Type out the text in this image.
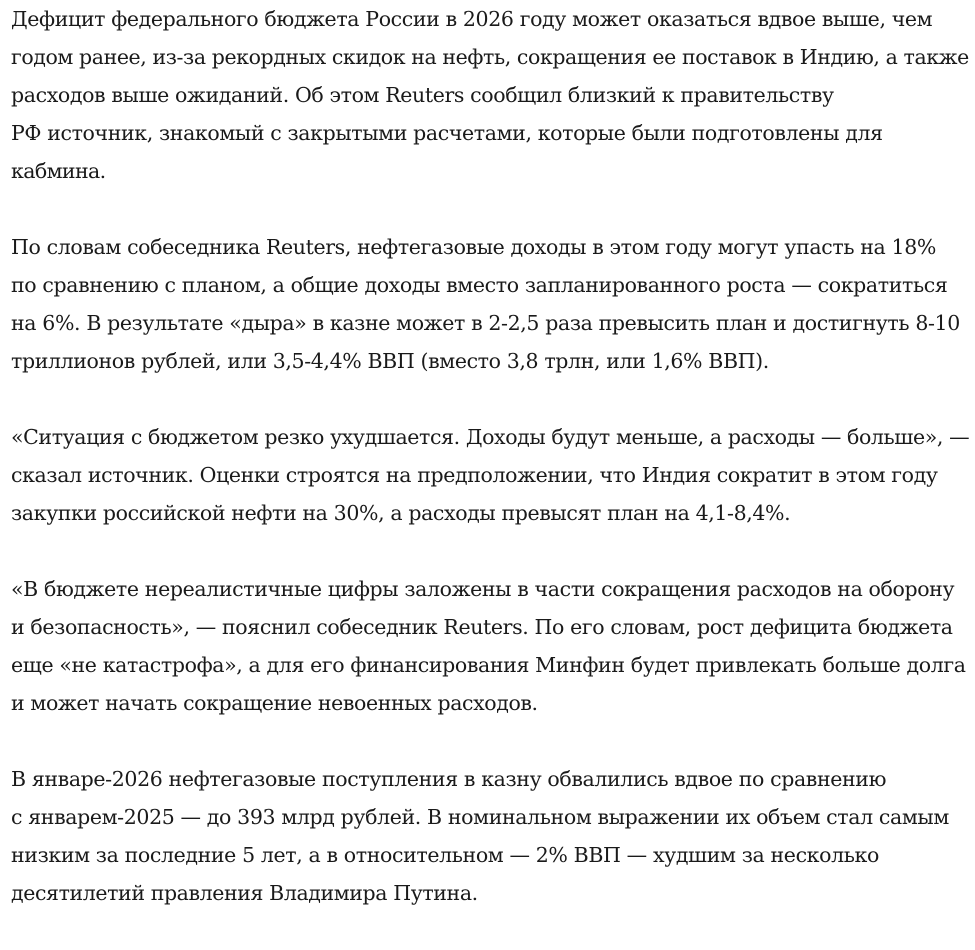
Дефицит федерального бюджета России в 2026 году может оказаться вдвое выше, чем
годом ранее, из-за рекордных скидок на нефть, сокращения ее поставок в Индию, а также
расходов выше ожиданий. Об этом Reuters сообщил близкий к правительству
РФ источник, знакомый с закрытыми расчетами, которые были подготовлены для
кабмина.

По словам собеседника Reuters, нефтегазовые доходы в этом году могут упасть на 18%
по сравнению с планом, а общие доходы вместо запланированного роста — сократиться
на 6%. В результате «дыра» в казне может в 2-2,5 раза превысить план и достигнуть 8-10
триллионов рублей, или 3,5-4,4% ВВП (вместо 3,8 трлн, или 1,6% ВВП).

«Ситуация с бюджетом резко ухудшается. Доходы будут меньше, а расходы — больше», —
сказал источник. Оценки строятся на предположении, что Индия сократит в этом году
закупки российской нефти на 30%, а расходы превысят план на 4,1-8,4%.

«В бюджете нереалистичные цифры заложены в части сокращения расходов на оборону
и безопасность», — пояснил собеседник Reuters. По его словам, рост дефицита бюджета
еще «не катастрофа», а для его финансирования Минфин будет привлекать больше долга
и может начать сокращение невоенных расходов.

В январе-2026 нефтегазовые поступления в казну обвалились вдвое по сравнению
с январем-2025 — до 393 млрд рублей. В номинальном выражении их объем стал самым
низким за последние 5 лет, а в относительном — 2% ВВП — худшим за несколько
десятилетий правления Владимира Путина.
